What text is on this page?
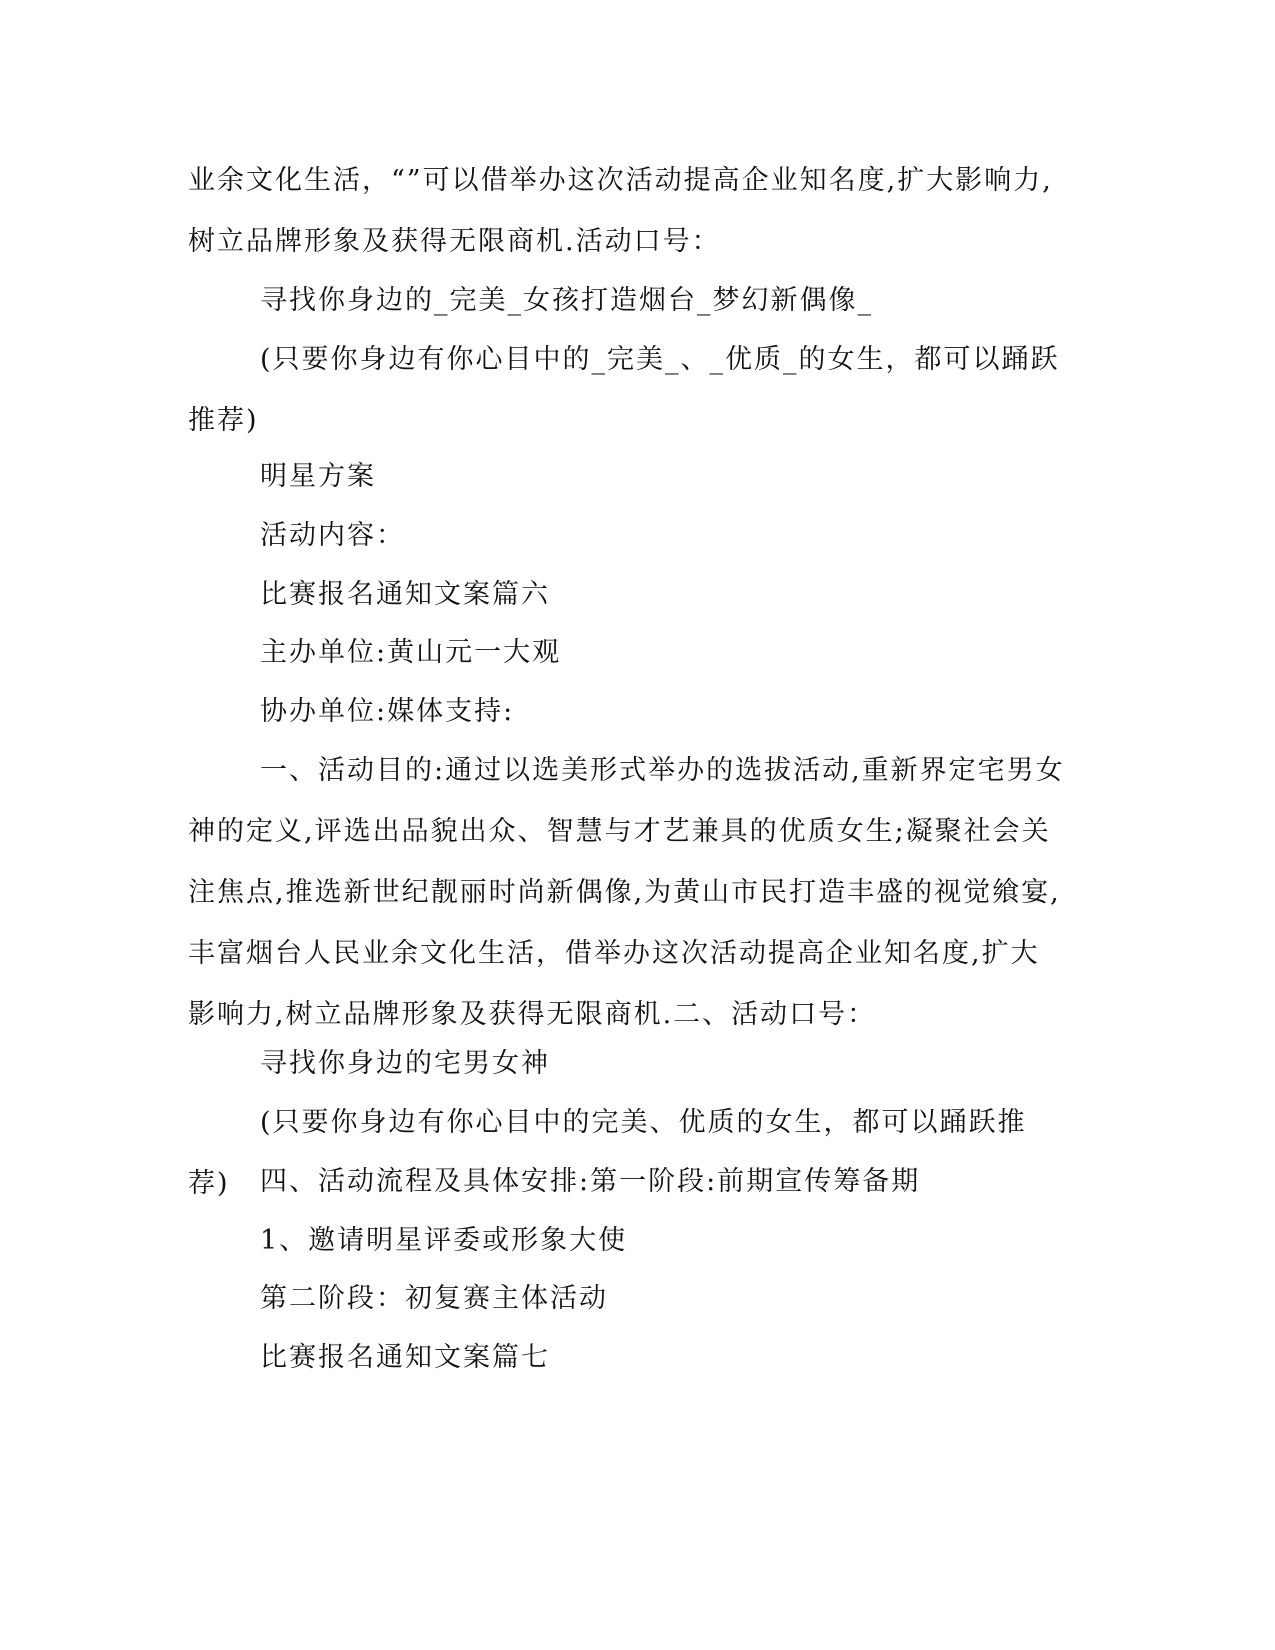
业余文化生活，“”可以借举办这次活动提高企业知名度,扩大影响力,树立品牌形象及获得无限商机.活动口号：

寻找你身边的_完美_女孩打造烟台_梦幻新偶像_

(只要你身边有你心目中的_完美_、_优质_的女生，都可以踊跃推荐)

明星方案

活动内容：

比赛报名通知文案篇六

主办单位:黄山元一大观

协办单位:媒体支持:

一、活动目的:通过以选美形式举办的选拔活动,重新界定宅男女神的定义,评选出品貌出众、智慧与才艺兼具的优质女生;凝聚社会关注焦点,推选新世纪靓丽时尚新偶像,为黄山市民打造丰盛的视觉飨宴,丰富烟台人民业余文化生活，借举办这次活动提高企业知名度,扩大影响力,树立品牌形象及获得无限商机.二、活动口号：

寻找你身边的宅男女神

(只要你身边有你心目中的完美、优质的女生，都可以踊跃推荐)	四、活动流程及具体安排:第一阶段:前期宣传筹备期

1、邀请明星评委或形象大使

第二阶段：初复赛主体活动

比赛报名通知文案篇七
